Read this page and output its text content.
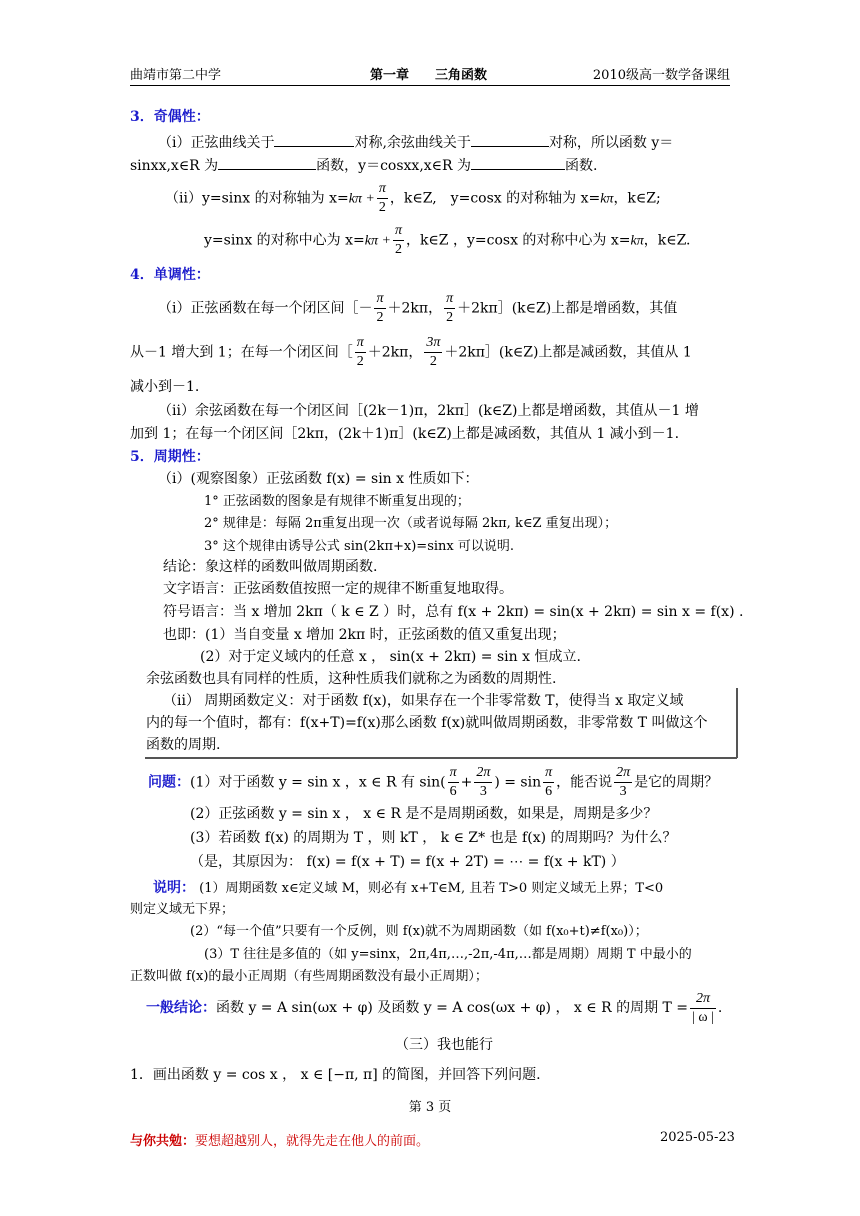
曲靖市第二中学	第一章　　三角函数	2010级高一数学备课组
3．奇偶性：
（ⅰ）正弦曲线关于	对称,余弦曲线关于	对称，所以函数 y＝
sinxx,x∈R 为	函数，y＝cosxx,x∈R 为	函数.
（ⅱ）y=sinx 的对称轴为 $x=k\pi + \frac{\pi}{2}$ ，k∈Z,　y=cosx 的对称轴为 x=kπ，k∈Z;
y=sinx 的对称中心为 $x=k\pi + \frac{\pi}{2}$ ，k∈Z ，y=cosx 的对称中心为 x=kπ，k∈Z.
4．单调性：
（ⅰ）正弦函数在每一个闭区间［－ $\frac{\pi}{2} +2k\pi$， $\frac{\pi}{2}$ ＋2kπ］(k∈Z)上都是增函数，其值
从－1 增大到 1；在每一个闭区间［ $\frac{\pi}{2} +2k\pi$， $\frac{3\pi}{2}$ ＋2kπ］(k∈Z)上都是减函数，其值从 1
减小到－1.
（ⅱ）余弦函数在每一个闭区间［(2k－1)π，2kπ］(k∈Z)上都是增函数，其值从－1 增
加到 1；在每一个闭区间［2kπ，(2k＋1)π］(k∈Z)上都是减函数，其值从 1 减小到－1.
5．周期性：
（ⅰ）(观察图象）正弦函数 f(x) = sin x 性质如下：
1° 正弦函数的图象是有规律不断重复出现的；
2° 规律是：每隔 2π重复出现一次（或者说每隔 2kπ, k∈Z 重复出现）；
3° 这个规律由诱导公式 sin(2kπ+x)=sinx 可以说明.
结论：象这样的函数叫做周期函数.
文字语言：正弦函数值按照一定的规律不断重复地取得。
符号语言：当 x 增加 2kπ（ k ∈ Z ）时，总有 f(x + 2kπ) = sin(x + 2kπ) = sin x = f(x) .
也即：(1）当自变量 x 增加 2kπ 时，正弦函数的值又重复出现；
(2）对于定义域内的任意 x ， sin(x + 2kπ) = sin x 恒成立.
余弦函数也具有同样的性质，这种性质我们就称之为函数的周期性.
（ⅱ） 周期函数定义：对于函数 f(x)，如果存在一个非零常数 T，使得当 x 取定义域
内的每一个值时，都有：f(x+T)=f(x)那么函数 f(x)就叫做周期函数，非零常数 T 叫做这个
函数的周期.
问题：(1）对于函数 y = sin x ，x ∈ R 有 $\sin( \frac{\pi}{6} + \frac{2\pi}{3}$ ) = $\sin \frac{\pi}{6}$ ，能否说 $\frac{2\pi}{3}$ 是它的周期？
(2）正弦函数 y = sin x ， x ∈ R 是不是周期函数，如果是，周期是多少？
(3）若函数 f(x) 的周期为 T ，则 kT ， k ∈ Z* 也是 f(x) 的周期吗？为什么？
（是，其原因为： f(x) = f(x + T) = f(x + 2T) = ⋯ = f(x + kT) ）
说明： (1）周期函数 x∈定义域 M，则必有 x+T∈M, 且若 T>0 则定义域无上界；T<0
则定义域无下界；
(2）“每一个值”只要有一个反例，则 f(x)就不为周期函数（如 f(x₀+t)≠f(x₀)）；
(3）T 往往是多值的（如 y=sinx，2π,4π,…,-2π,-4π,…都是周期）周期 T 中最小的
正数叫做 f(x)的最小正周期（有些周期函数没有最小正周期）；
一般结论：函数 y = A sin(ωx + φ) 及函数 y = A cos(ωx + φ) ， x ∈ R 的周期 $T = \frac{2\pi}{| \omega |}$ .
（三）我也能行
1．画出函数 y = cos x ， x ∈ [−π, π] 的简图，并回答下列问题.
第 3 页
与你共勉：要想超越别人，就得先走在他人的前面。	2025-05-23
